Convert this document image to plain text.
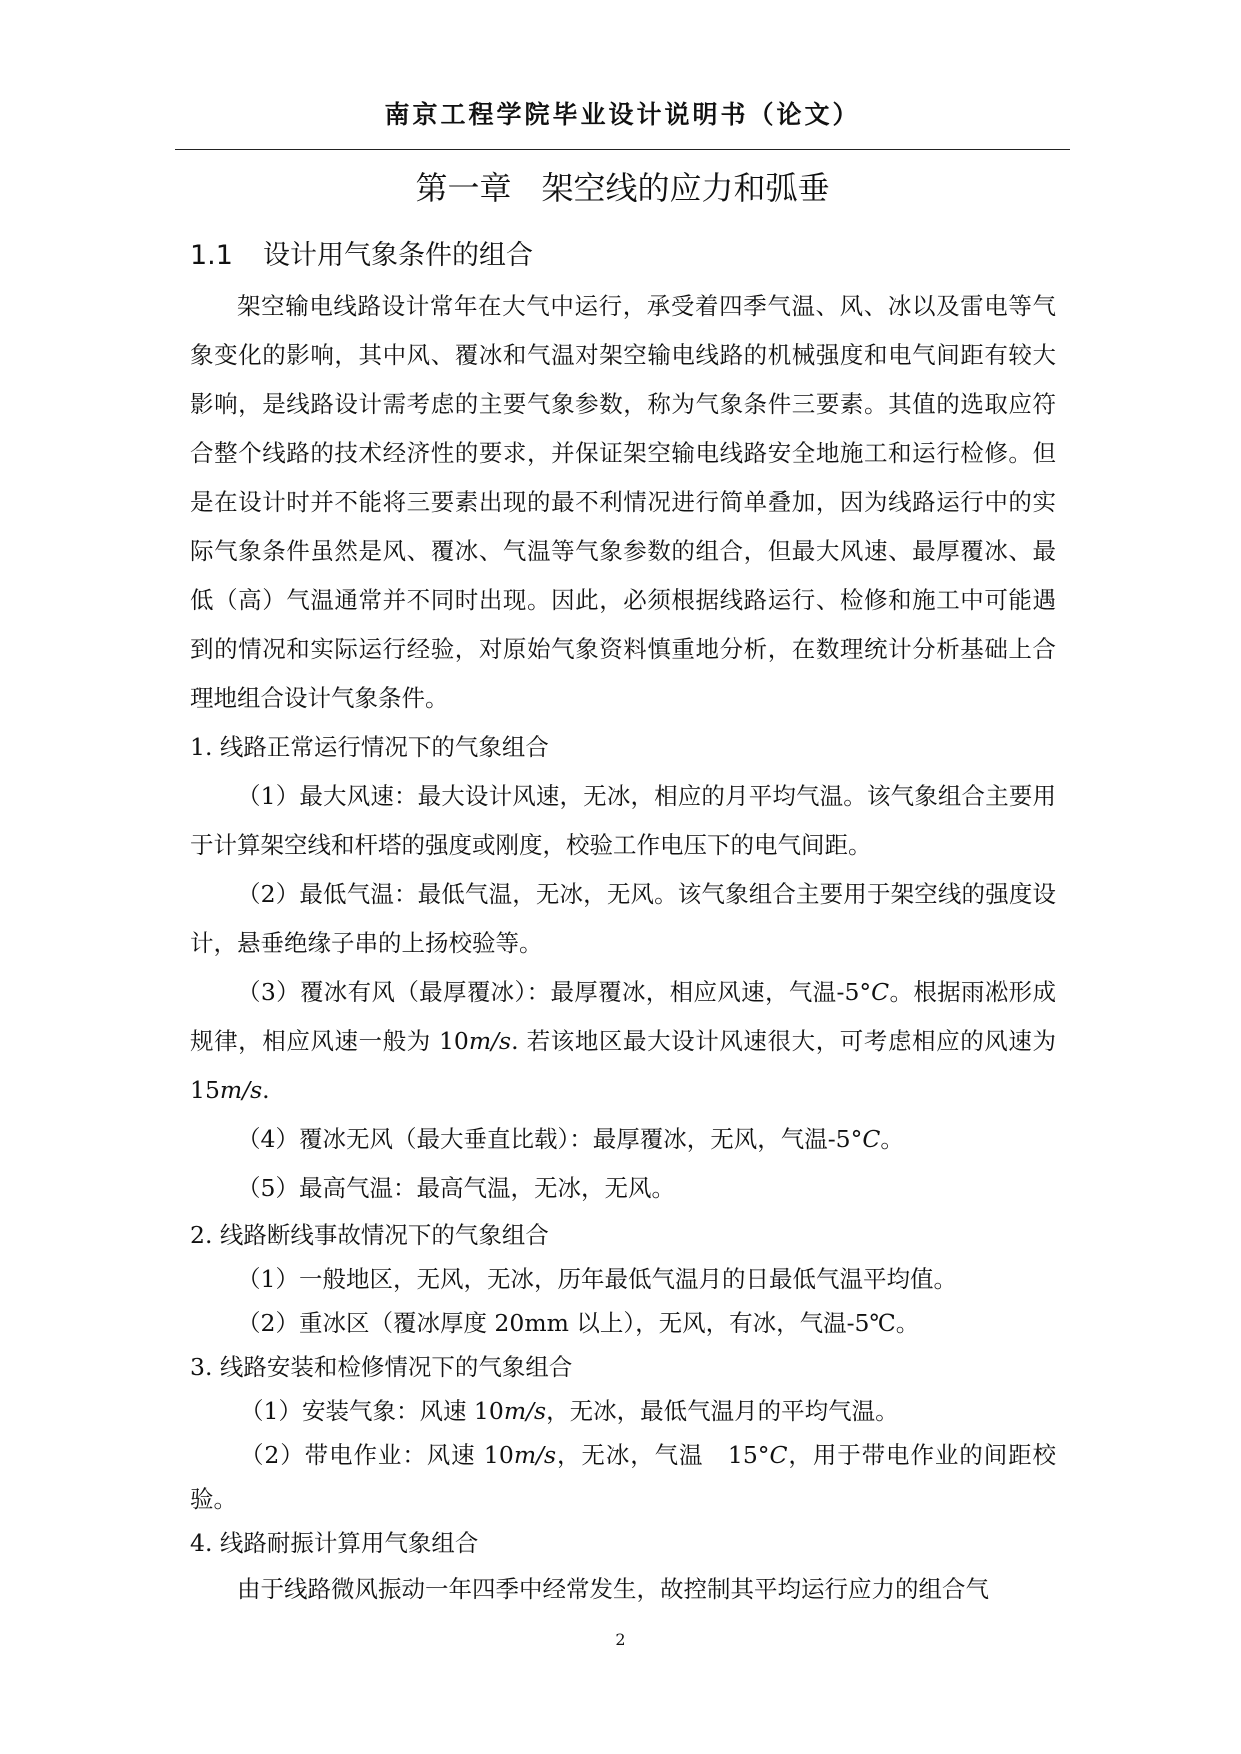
南京工程学院毕业设计说明书（论文）
第一章 架空线的应力和弧垂
1.1 设计用气象条件的组合

架空输电线路设计常年在大气中运行，承受着四季气温、风、冰以及雷电等气象变化的影响，其中风、覆冰和气温对架空输电线路的机械强度和电气间距有较大影响，是线路设计需考虑的主要气象参数，称为气象条件三要素。其值的选取应符合整个线路的技术经济性的要求，并保证架空输电线路安全地施工和运行检修。但是在设计时并不能将三要素出现的最不利情况进行简单叠加，因为线路运行中的实际气象条件虽然是风、覆冰、气温等气象参数的组合，但最大风速、最厚覆冰、最低（高）气温通常并不同时出现。因此，必须根据线路运行、检修和施工中可能遇到的情况和实际运行经验，对原始气象资料慎重地分析，在数理统计分析基础上合理地组合设计气象条件。

1. 线路正常运行情况下的气象组合

（1）最大风速：最大设计风速，无冰，相应的月平均气温。该气象组合主要用于计算架空线和杆塔的强度或刚度，校验工作电压下的电气间距。

（2）最低气温：最低气温，无冰，无风。该气象组合主要用于架空线的强度设计，悬垂绝缘子串的上扬校验等。

（3）覆冰有风（最厚覆冰）：最厚覆冰，相应风速，气温-5°C。根据雨凇形成规律，相应风速一般为 10m/s. 若该地区最大设计风速很大，可考虑相应的风速为 15m/s.

（4）覆冰无风（最大垂直比载）：最厚覆冰，无风，气温-5°C。

（5）最高气温：最高气温，无冰，无风。

2. 线路断线事故情况下的气象组合

（1）一般地区，无风，无冰，历年最低气温月的日最低气温平均值。

（2）重冰区（覆冰厚度 20mm 以上），无风，有冰，气温-5℃。

3. 线路安装和检修情况下的气象组合

（1）安装气象：风速 10m/s，无冰，最低气温月的平均气温。

（2）带电作业：风速 10m/s，无冰，气温　15°C，用于带电作业的间距校验。

4. 线路耐振计算用气象组合

由于线路微风振动一年四季中经常发生，故控制其平均运行应力的组合气

2
